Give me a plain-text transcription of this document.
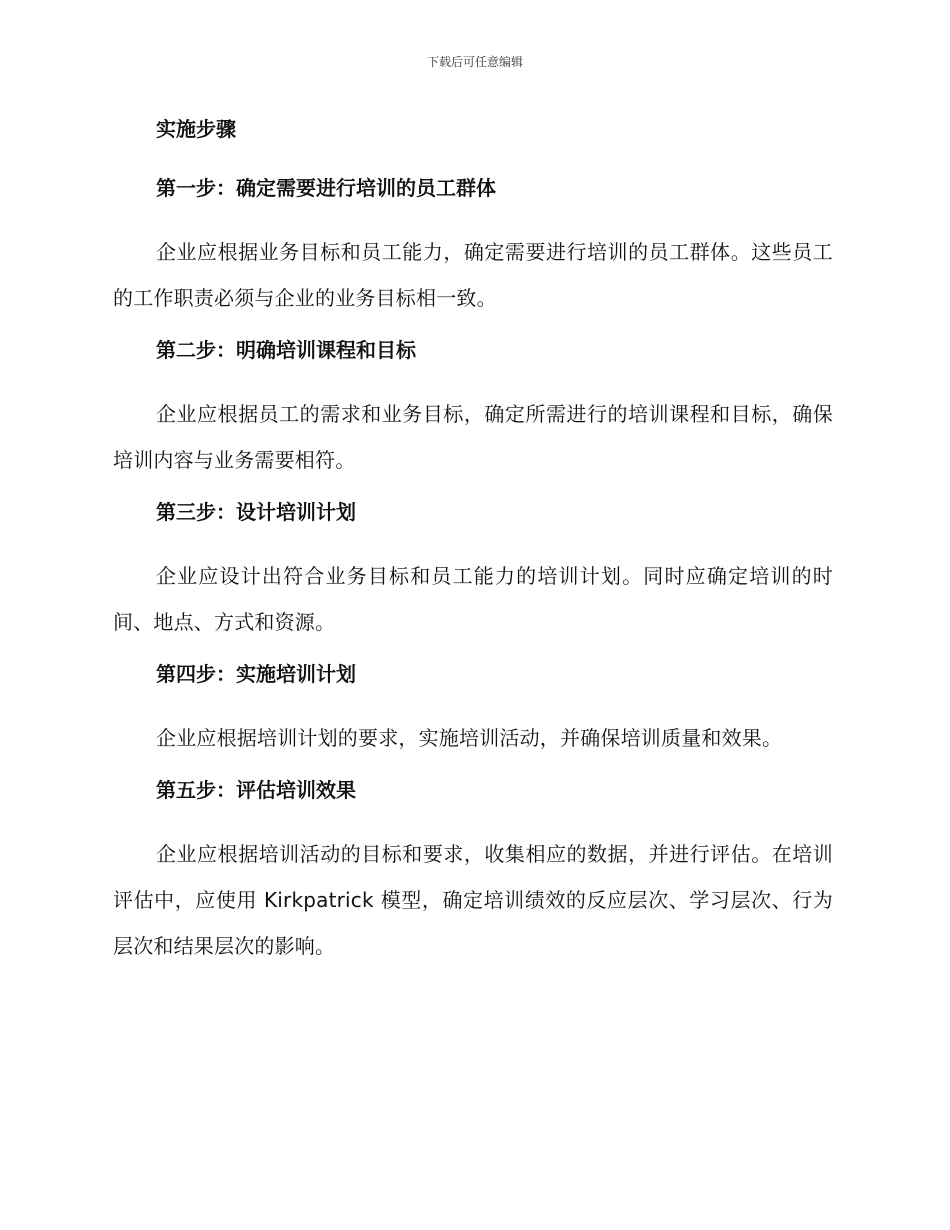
下载后可任意编辑
实施步骤
第一步：确定需要进行培训的员工群体

企业应根据业务目标和员工能力，确定需要进行培训的员工群体。这些员工的工作职责必须与企业的业务目标相一致。

第二步：明确培训课程和目标

企业应根据员工的需求和业务目标，确定所需进行的培训课程和目标，确保培训内容与业务需要相符。

第三步：设计培训计划

企业应设计出符合业务目标和员工能力的培训计划。同时应确定培训的时间、地点、方式和资源。

第四步：实施培训计划

企业应根据培训计划的要求，实施培训活动，并确保培训质量和效果。

第五步：评估培训效果

企业应根据培训活动的目标和要求，收集相应的数据，并进行评估。在培训评估中，应使用 Kirkpatrick 模型，确定培训绩效的反应层次、学习层次、行为层次和结果层次的影响。
